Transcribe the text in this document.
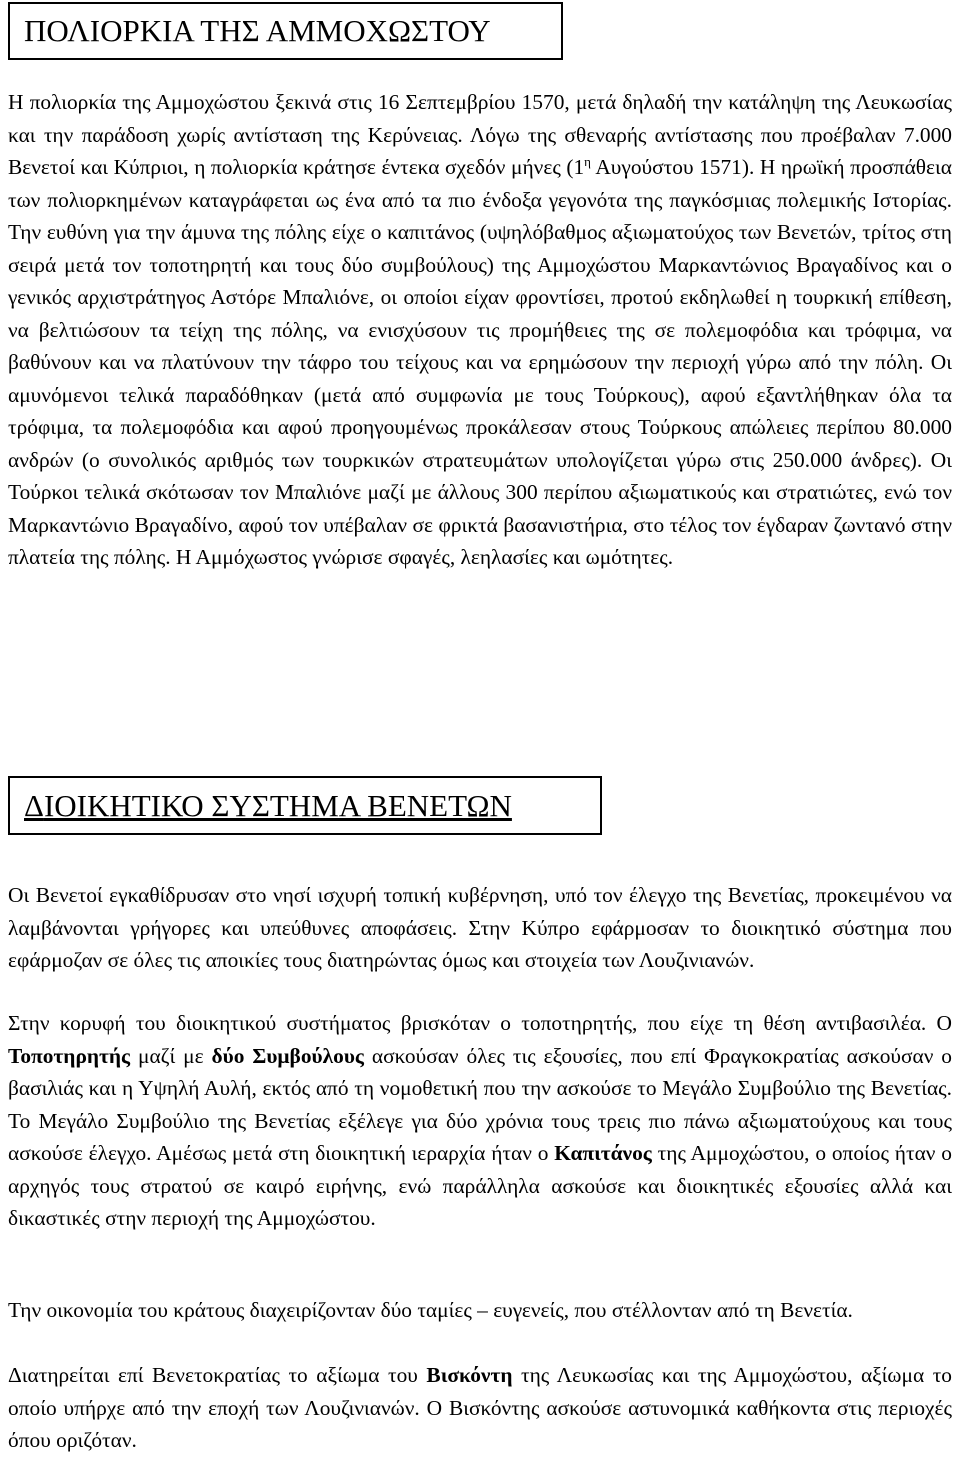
ΠΟΛΙΟΡΚΙΑ ΤΗΣ ΑΜΜΟΧΩΣΤΟΥ

Η πολιορκία της Αμμοχώστου ξεκινά στις 16 Σεπτεμβρίου 1570, μετά δηλαδή την κατάληψη της Λευκωσίας και την παράδοση χωρίς αντίσταση της Κερύνειας. Λόγω της σθεναρής αντίστασης που προέβαλαν 7.000 Βενετοί και Κύπριοι, η πολιορκία κράτησε έντεκα σχεδόν μήνες ($1^\eta$ Αυγούστου 1571). Η ηρωϊκή προσπάθεια των πολιορκημένων καταγράφεται ως ένα από τα πιο ένδοξα γεγονότα της παγκόσμιας πολεμικής Ιστορίας. Την ευθύνη για την άμυνα της πόλης είχε ο καπιτάνος (υψηλόβαθμος αξιωματούχος των Βενετών, τρίτος στη σειρά μετά τον τοποτηρητή και τους δύο συμβούλους) της Αμμοχώστου Μαρκαντώνιος Βραγαδίνος και ο γενικός αρχιστράτηγος Αστόρε Μπαλιόνε, οι οποίοι είχαν φροντίσει, προτού εκδηλωθεί η τουρκική επίθεση, να βελτιώσουν τα τείχη της πόλης, να ενισχύσουν τις προμήθειες της σε πολεμοφόδια και τρόφιμα, να βαθύνουν και να πλατύνουν την τάφρο του τείχους και να ερημώσουν την περιοχή γύρω από την πόλη. Οι αμυνόμενοι τελικά παραδόθηκαν (μετά από συμφωνία με τους Τούρκους), αφού εξαντλήθηκαν όλα τα τρόφιμα, τα πολεμοφόδια και αφού προηγουμένως προκάλεσαν στους Τούρκους απώλειες περίπου 80.000 ανδρών (ο συνολικός αριθμός των τουρκικών στρατευμάτων υπολογίζεται γύρω στις 250.000 άνδρες). Οι Τούρκοι τελικά σκότωσαν τον Μπαλιόνε μαζί με άλλους 300 περίπου αξιωματικούς και στρατιώτες, ενώ τον Μαρκαντώνιο Βραγαδίνο, αφού τον υπέβαλαν σε φρικτά βασανιστήρια, στο τέλος τον έγδαραν ζωντανό στην πλατεία της πόλης. Η Αμμόχωστος γνώρισε σφαγές, λεηλασίες και ωμότητες.

Δ ΙΟΙΚΗΤΙΚΟ ΣΥΣΤΗΜΑ ΒΕΝΕΤΩΝ

Οι Βενετοί εγκαθίδρυσαν στο νησί ισχυρή τοπική κυβέρνηση, υπό τον έλεγχο της Βενετίας, προκειμένου να λαμβάνονται γρήγορες και υπεύθυνες αποφάσεις. Στην Κύπρο εφάρμοσαν το διοικητικό σύστημα που εφάρμοζαν σε όλες τις αποικίες τους διατηρώντας όμως και στοιχεία των Λουζινιανών.

Στην κορυφή του διοικητικού συστήματος βρισκόταν ο τοποτηρητής, που είχε τη θέση αντιβασιλέα. Ο Τοποτηρητής μαζί με δύο Συμβούλους ασκούσαν όλες τις εξουσίες, που επί Φραγκοκρατίας ασκούσαν ο βασιλιάς και η Υψηλή Αυλή, εκτός από τη νομοθετική που την ασκούσε το Μεγάλο Συμβούλιο της Βενετίας. Το Μεγάλο Συμβούλιο της Βενετίας εξέλεγε για δύο χρόνια τους τρεις πιο πάνω αξιωματούχους και τους ασκούσε έλεγχο. Αμέσως μετά στη διοικητική ιεραρχία ήταν ο Καπιτάνος της Αμμοχώστου, ο οποίος ήταν ο αρχηγός τους στρατού σε καιρό ειρήνης, ενώ παράλληλα ασκούσε και διοικητικές εξουσίες αλλά και δικαστικές στην περιοχή της Αμμοχώστου.

Την οικονομία του κράτους διαχειρίζονταν δύο ταμίες – ευγενείς, που στέλλονταν από τη Βενετία.

Διατηρείται επί Βενετοκρατίας το αξίωμα του Βισκόντη της Λευκωσίας και της Αμμοχώστου, αξίωμα το οποίο υπήρχε από την εποχή των Λουζινιανών. Ο Βισκόντης ασκούσε αστυνομικά καθήκοντα στις περιοχές όπου οριζόταν.
